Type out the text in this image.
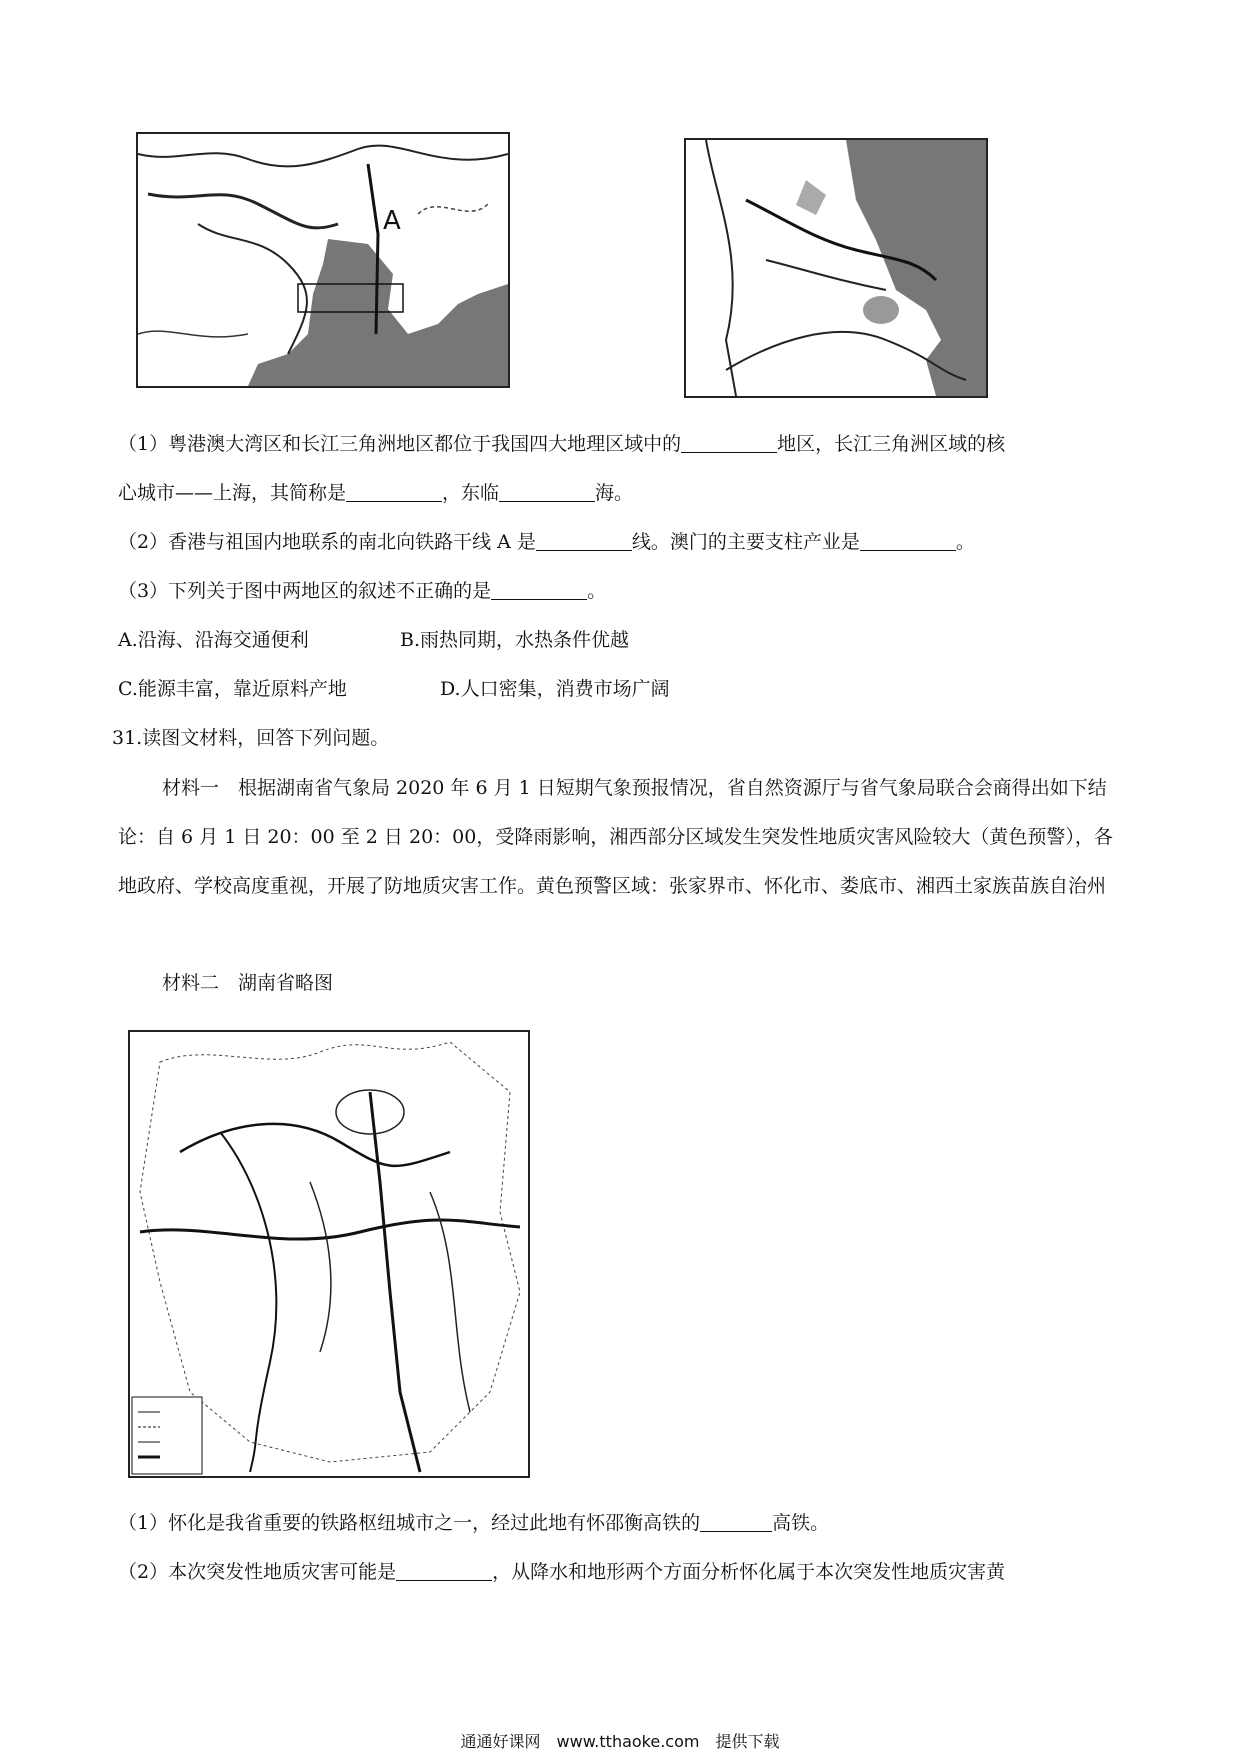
A
（1）粤港澳大湾区和长江三角洲地区都位于我国四大地理区域中的	地区，长江三角洲区域的核
心城市——上海，其简称是	，东临	海。
（2）香港与祖国内地联系的南北向铁路干线 A 是	线。澳门的主要支柱产业是	。
（3）下列关于图中两地区的叙述不正确的是	。
A.沿海、沿海交通便利	B.雨热同期，水热条件优越
C.能源丰富，靠近原料产地	D.人口密集，消费市场广阔
31.读图文材料，回答下列问题。
材料一　根据湖南省气象局 2020 年 6 月 1 日短期气象预报情况，省自然资源厅与省气象局联合会商得出如下结论：自 6 月 1 日 20：00 至 2 日 20：00，受降雨影响，湘西部分区域发生突发性地质灾害风险较大（黄色预警），各地政府、学校高度重视，开展了防地质灾害工作。黄色预警区域：张家界市、怀化市、娄底市、湘西土家族苗族自治州
材料二　湖南省略图
（1）怀化是我省重要的铁路枢纽城市之一，经过此地有怀邵衡高铁的	高铁。
（2）本次突发性地质灾害可能是	，从降水和地形两个方面分析怀化属于本次突发性地质灾害黄
通通好课网　www.tthaoke.com　提供下载
